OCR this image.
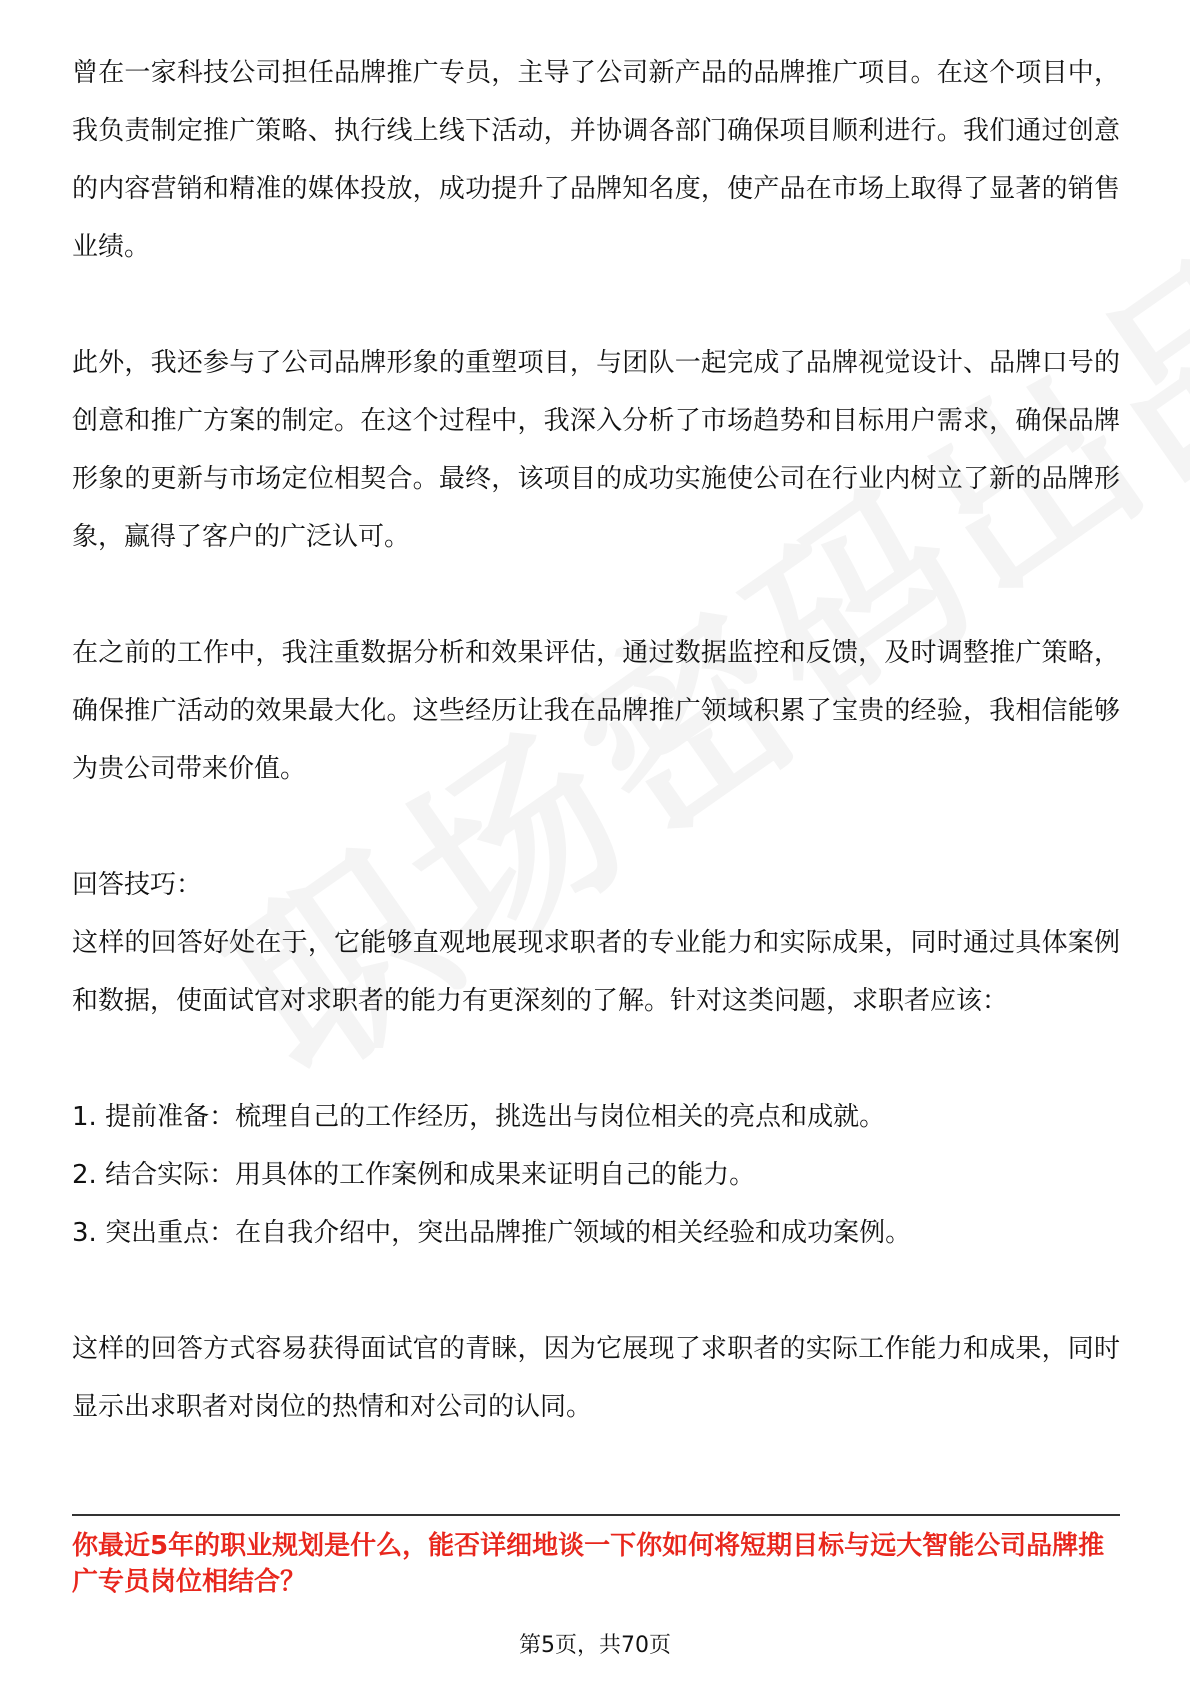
曾在一家科技公司担任品牌推广专员，主导了公司新产品的品牌推广项目。在这个项目中，我负责制定推广策略、执行线上线下活动，并协调各部门确保项目顺利进行。我们通过创意的内容营销和精准的媒体投放，成功提升了品牌知名度，使产品在市场上取得了显著的销售业绩。

此外，我还参与了公司品牌形象的重塑项目，与团队一起完成了品牌视觉设计、品牌口号的创意和推广方案的制定。在这个过程中，我深入分析了市场趋势和目标用户需求，确保品牌形象的更新与市场定位相契合。最终，该项目的成功实施使公司在行业内树立了新的品牌形象，赢得了客户的广泛认可。

在之前的工作中，我注重数据分析和效果评估，通过数据监控和反馈，及时调整推广策略，确保推广活动的效果最大化。这些经历让我在品牌推广领域积累了宝贵的经验，我相信能够为贵公司带来价值。

回答技巧：

这样的回答好处在于，它能够直观地展现求职者的专业能力和实际成果，同时通过具体案例和数据，使面试官对求职者的能力有更深刻的了解。针对这类问题，求职者应该：

1. 提前准备：梳理自己的工作经历，挑选出与岗位相关的亮点和成就。
2. 结合实际：用具体的工作案例和成果来证明自己的能力。
3. 突出重点：在自我介绍中，突出品牌推广领域的相关经验和成功案例。

这样的回答方式容易获得面试官的青睐，因为它展现了求职者的实际工作能力和成果，同时显示出求职者对岗位的热情和对公司的认同。

你最近5年的职业规划是什么，能否详细地谈一下你如何将短期目标与远大智能公司品牌推广专员岗位相结合？
第5页，共70页
